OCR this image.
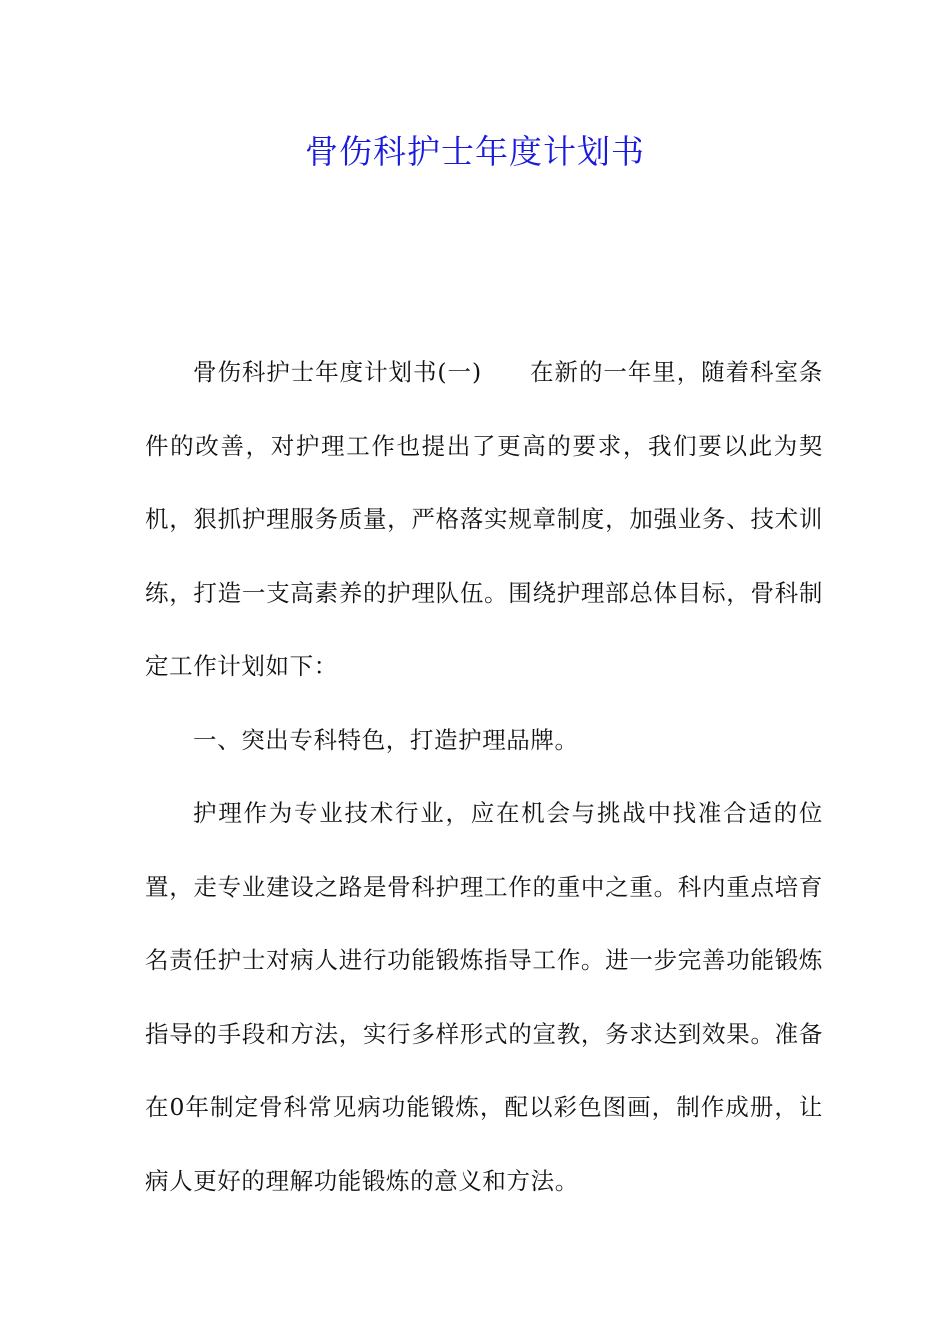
骨伤科护士年度计划书

骨伤科护士年度计划书(一) 在新的一年里，随着科室条件的改善，对护理工作也提出了更高的要求，我们要以此为契机，狠抓护理服务质量，严格落实规章制度，加强业务、技术训练，打造一支高素养的护理队伍。围绕护理部总体目标，骨科制定工作计划如下：

一、突出专科特色，打造护理品牌。

护理作为专业技术行业，应在机会与挑战中找准合适的位置，走专业建设之路是骨科护理工作的重中之重。科内重点培育名责任护士对病人进行功能锻炼指导工作。进一步完善功能锻炼指导的手段和方法，实行多样形式的宣教，务求达到效果。准备在0年制定骨科常见病功能锻炼，配以彩色图画，制作成册，让病人更好的理解功能锻炼的意义和方法。
